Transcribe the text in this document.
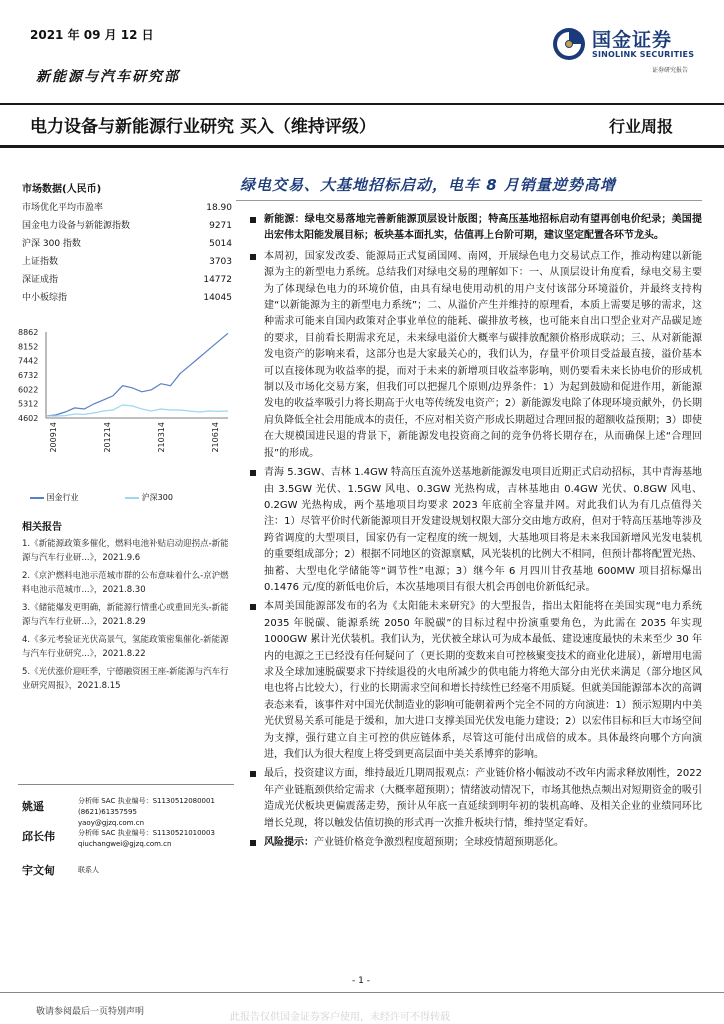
2021 年 09 月 12 日
新能源与汽车研究部
国金证券
SINOLINK SECURITIES
证券研究报告
电力设备与新能源行业研究 买入（维持评级）	行业周报
绿电交易、大基地招标启动，电车 8 月销量逆势高增
市场数据(人民币)
市场优化平均市盈率	18.90
国金电力设备与新能源指数	9271
沪深 300 指数	5014
上证指数	3703
深证成指	14772
中小板综指	14045
8862
8152
7442
6732
6022
5312
4602
200914	201214	210314	210614
国金行业	沪深300
相关报告
1.《新能源政策多催化，燃料电池补贴启动迎拐点-新能源与汽车行业研...》，2021.9.6
2.《京沪燃料电池示范城市群的公布意味着什么-京沪燃料电池示范城市...》，2021.8.30
3.《储能爆发更明确，新能源行情重心或重回光头-新能源与汽车行业研...》，2021.8.29
4.《多元考验证光伏高景气，氢能政策密集催化-新能源与汽车行业研究...》，2021.8.22
5.《光伏涨价迎旺季，宁德融资困王座-新能源与汽车行业研究周报》，2021.8.15
姚遥	分析师 SAC 执业编号：S1130512080001
(8621)61357595
yaoy@gjzq.com.cn
邱长伟	分析师 SAC 执业编号：S1130521010003
qiuchangwei@gjzq.com.cn
宇文甸	联系人
新能源：绿电交易落地完善新能源顶层设计版图；特高压基地招标启动有望再创电价纪录；美国提出宏伟太阳能发展目标；板块基本面扎实，估值再上台阶可期，建议坚定配置各环节龙头。
本周初，国家发改委、能源局正式复函国网、南网，开展绿色电力交易试点工作，推动构建以新能源为主的新型电力系统。总结我们对绿电交易的理解如下：一、从顶层设计角度看，绿电交易主要为了体现绿色电力的环境价值，由具有绿电使用动机的用户支付该部分环境溢价，并最终支持构建“以新能源为主的新型电力系统”；二、从溢价产生并维持的原理看，本质上需要足够的需求，这种需求可能来自国内政策对企事业单位的能耗、碳排放考核，也可能来自出口型企业对产品碳足迹的要求，目前看长期需求充足，未来绿电溢价大概率与碳排放配额价格形成联动；三、从对新能源发电资产的影响来看，这部分也是大家最关心的，我们认为，存量平价项目受益最直接，溢价基本可以直接体现为收益率的提，而对于未来的新增项目收益率影响，则仍要看未来长协电价的形成机制以及市场化交易方案，但我们可以把握几个原则/边界条件：1）为起到鼓励和促进作用，新能源发电的收益率吸引力将长期高于火电等传统发电资产；2）新能源发电除了体现环境贡献外，仍长期肩负降低全社会用能成本的责任，不应对相关资产形成长期超过合理回报的超额收益预期；3）即使在大规模国进民退的背景下，新能源发电投资商之间的竞争仍将长期存在，从而确保上述“合理回报”的形成。
青海 5.3GW、吉林 1.4GW 特高压直流外送基地新能源发电项目近期正式启动招标，其中青海基地由 3.5GW 光伏、1.5GW 风电、0.3GW 光热构成，吉林基地由 0.4GW 光伏、0.8GW 风电、0.2GW 光热构成，两个基地项目均要求 2023 年底前全容量并网。对此我们认为有几点值得关注：1）尽管平价时代新能源项目开发建设规划权限大部分交由地方政府，但对于特高压基地等涉及跨省调度的大型项目，国家仍有一定程度的统一规划，大基地项目将是未来我国新增风光发电装机的重要组成部分；2）根据不同地区的资源禀赋，风光装机的比例大不相同，但预计都将配置光热、抽蓄、大型电化学储能等“调节性”电源；3）继今年 6 月四川甘孜基地 600MW 项目招标爆出 0.1476 元/度的新低电价后，本次基地项目有很大机会再创电价新低纪录。
本周美国能源部发布的名为《太阳能未来研究》的大型报告，指出太阳能将在美国实现“电力系统 2035 年脱碳、能源系统 2050 年脱碳”的目标过程中扮演重要角色，为此需在 2035 年实现 1000GW 累计光伏装机。我们认为，光伏被全球认可为成本最低、建设速度最快的未来至少 30 年内的电源之王已经没有任何疑问了（更长期的变数来自可控核聚变技术的商业化进展），新增用电需求及全球加速脱碳要求下持续退役的火电所减少的供电能力将绝大部分由光伏来满足（部分地区风电也将占比较大），行业的长期需求空间和增长持续性已经毫不用质疑。但就美国能源部本次的高调表态来看，该事件对中国光伏制造业的影响可能朝着两个完全不同的方向演进：1）预示短期内中美光伏贸易关系可能是于缓和，加大进口支撑美国光伏发电能力建设；2）以宏伟目标和巨大市场空间为支撑，强行建立自主可控的供应链体系，尽管这可能付出成倍的成本。具体最终向哪个方向演进，我们认为很大程度上将受到更高层面中美关系博弈的影响。
最后，投资建议方面，维持最近几期周报观点：产业链价格小幅波动不改年内需求释放刚性，2022 年产业链瓶颈供给定需求（大概率超预期）；情绪波动情况下，市场其他热点频出对短期资金的吸引造成光伏板块更偏震荡走势，预计从年底一直延续到明年初的装机高峰、及相关企业的业绩同环比增长兑现，将以触发估值切换的形式再一次推升板块行情，维持坚定看好。
风险提示：产业链价格竞争激烈程度超预期；全球疫情超预期恶化。
- 1 -
敬请参阅最后一页特别声明	此报告仅供国金证券客户使用，未经许可不得转载
